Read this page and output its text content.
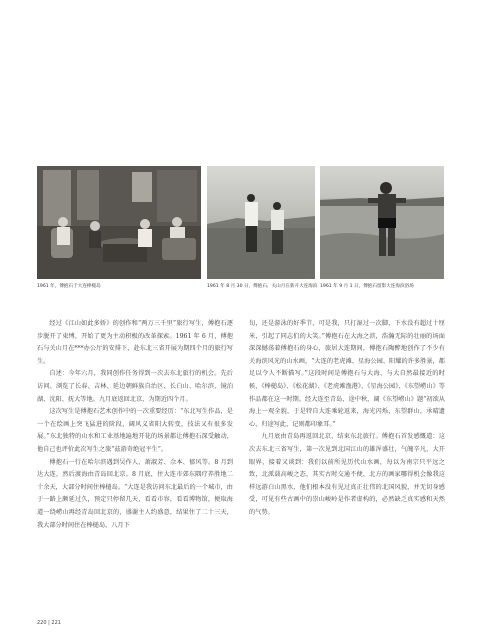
1961 年，傅抱石于大连棒槌岛	1961 年 8 月 30 日，傅抱石、关山月在新开大连海滨 1961 年 9 月 1 日，傅抱石留影大连海滨浴场

经过《江山如此多娇》的创作和“两万三千里”旅行写生，傅抱石逐步脱开了束缚，开始了更为主动积极的改革探索。1961 年 6 月，傅抱石与关山月在***办公厅的安排下，赴东北三省开展为期四个月的旅行写生。

自述：今年六月，我同创作任务得到一次去东北旅行的机会。先后访问、浏览了长春、吉林、延边朝鲜族自治区、长白山、哈尔滨、镜泊湖、沈阳、抚大等地。九月底返回北京，为期近四个月。

这次写生是傅抱石艺术创作中的一次重要经历：“东北写生作品，是一个在绘画上突飞猛进的阶段，阔风义省阳大转变，技法又有很多发展。”东北独特的山水和工业基地遍地开花的场景都让傅抱石深受触动，他自己也评价此次写生之旅“兹游奇绝冠平生”。

傅抱石一行在哈尔滨遇到吴作人、萧淑芳、佘本、郁风等。8 月到达大连，然后渡海由青岛回北京。8 月底，住大连市郊东隅疗养胜地二十余天，大部分时间住棒槌岛。“大连是我访问东北最后的一个城市，由于一路上颇延过久，预定只停留几天，看看市容，看看博物馆，便取海道一绕崂山再经青岛回北京的，盛谢主人约盛意，结果住了二十三天，我大部分时间住在棒槌岛，八月下

旬，还是游泳的好季节，可是我，只打湿过一次脚，下水没有超过十厘米，引起了同志们的大笑。”傅抱石在大海之滨，浩瀚无际的壮丽的场面深深撼荡着傅抱石的身心，旅居大连期间，傅抱石陶醉地创作了不少有关海滨风光的山水画，“大连的老虎滩、星海公园、阳耀的许多胜景，都足以令人不断描写。”这段时间是傅抱石与大海、与大自然最接近的时候，《棒槌岛》、《松花湖》、《老虎滩渔港》、《星海公园》、《东望崂山》等作品都在这一时期。经大连至青岛，途中秋，阔《东望崂山》题“初欲从海上一观全貌，于是特自大连乘轮返来，海光闪烁，东望群山，承晴遗心，归途写此，记则都印象耳。”

九月底由青岛再返回北京，结束东北旅行。傅抱石首发感慨道：这次去东北三省写生，第一次见到北国江山的雄浑盛壮，气魄辛凡，大开眼界，接着又谈到：我们以前所见历代山水画，每以为南宗只平远之致，北派载高峻之态，其实古时交通不便，北方的画家哪得机会像我这样远游白山黑水，他们根本没有见过真正壮伟的北国风貌，并无切身感受，可见有些古画中的崇山峻岭是作者虚构的，必然缺乏真实感和天然的气势。

220 | 221
